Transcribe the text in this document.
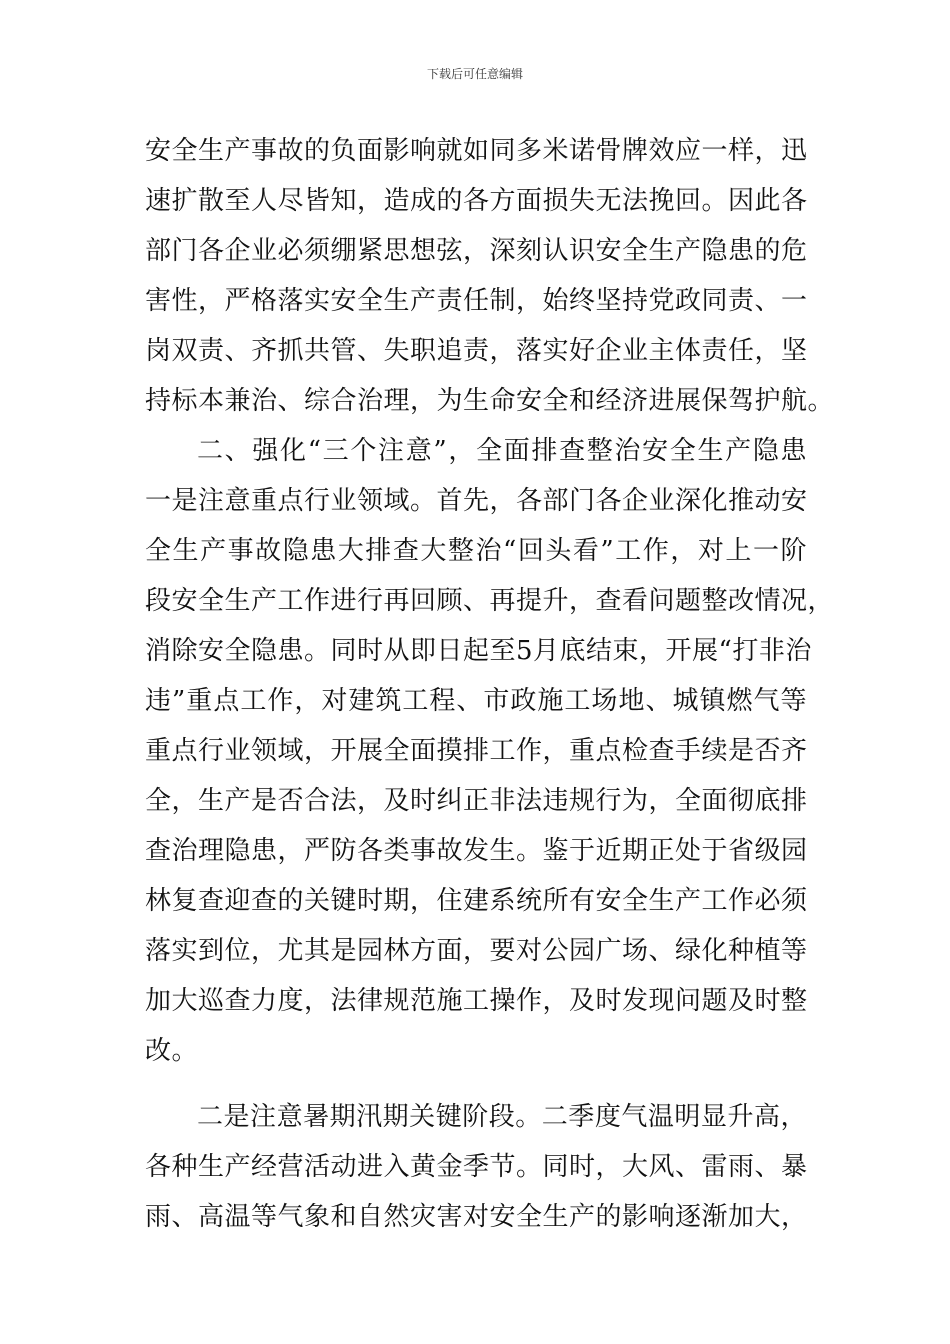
下载后可任意编辑
安全生产事故的负面影响就如同多米诺骨牌效应一样，迅
速扩散至人尽皆知，造成的各方面损失无法挽回。因此各
部门各企业必须绷紧思想弦，深刻认识安全生产隐患的危
害性，严格落实安全生产责任制，始终坚持党政同责、一
岗双责、齐抓共管、失职追责，落实好企业主体责任，坚
持标本兼治、综合治理，为生命安全和经济进展保驾护航。
二、强化“三个注意”，全面排查整治安全生产隐患
一是注意重点行业领域。首先，各部门各企业深化推动安
全生产事故隐患大排查大整治“回头看”工作，对上一阶
段安全生产工作进行再回顾、再提升，查看问题整改情况，
消除安全隐患。同时从即日起至5月底结束，开展“打非治
违”重点工作，对建筑工程、市政施工场地、城镇燃气等
重点行业领域，开展全面摸排工作，重点检查手续是否齐
全，生产是否合法，及时纠正非法违规行为，全面彻底排
查治理隐患，严防各类事故发生。鉴于近期正处于省级园
林复查迎查的关键时期，住建系统所有安全生产工作必须
落实到位，尤其是园林方面，要对公园广场、绿化种植等
加大巡查力度，法律规范施工操作，及时发现问题及时整
改。
二是注意暑期汛期关键阶段。二季度气温明显升高，
各种生产经营活动进入黄金季节。同时，大风、雷雨、暴
雨、高温等气象和自然灾害对安全生产的影响逐渐加大，
